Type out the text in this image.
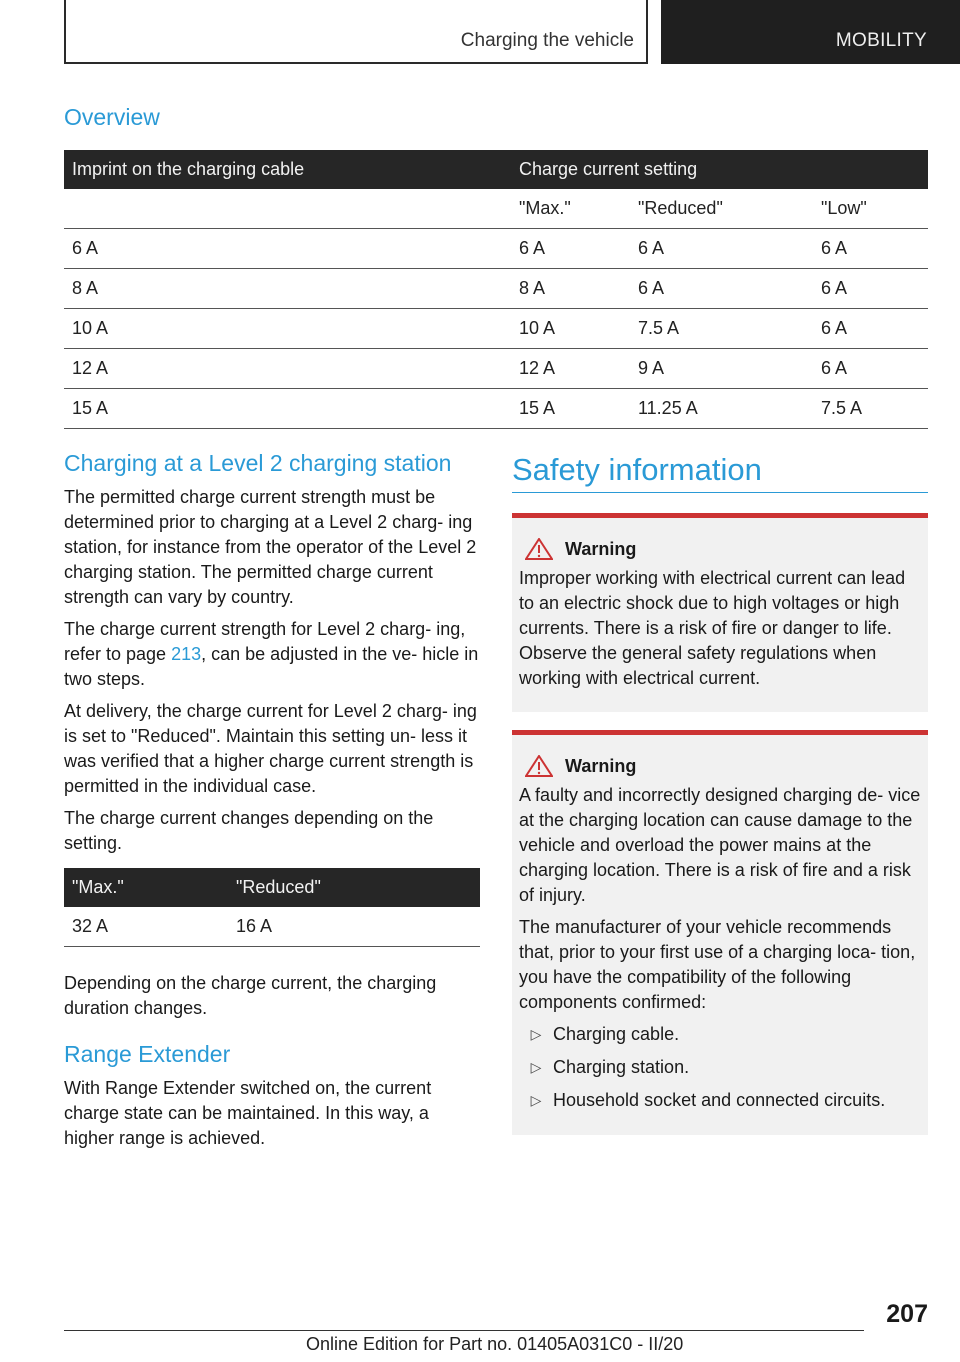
Charging the vehicle	MOBILITY
Overview
Imprint on the charging cable	Charge current setting		
	"Max."	"Reduced"	"Low"
6 A	6 A	6 A	6 A
8 A	8 A	6 A	6 A
10 A	10 A	7.5 A	6 A
12 A	12 A	9 A	6 A
15 A	15 A	11.25 A	7.5 A
Charging at a Level 2 charging station

The permitted charge current strength must be determined prior to charging at a Level 2 charg‐ ing station, for instance from the operator of the Level 2 charging station. The permitted charge current strength can vary by country.

The charge current strength for Level 2 charg‐ ing, refer to page 213, can be adjusted in the ve‐ hicle in two steps.

At delivery, the charge current for Level 2 charg‐ ing is set to "Reduced". Maintain this setting un‐ less it was verified that a higher charge current strength is permitted in the individual case.

The charge current changes depending on the setting.

"Max."	"Reduced"
32 A	16 A

Depending on the charge current, the charging duration changes.

Range Extender

With Range Extender switched on, the current charge state can be maintained. In this way, a higher range is achieved.

Safety information
Warning

Improper working with electrical current can lead to an electric shock due to high voltages or high currents. There is a risk of fire or danger to life. Observe the general safety regulations when working with electrical current.

Warning

A faulty and incorrectly designed charging de‐ vice at the charging location can cause damage to the vehicle and overload the power mains at the charging location. There is a risk of fire and a risk of injury.

The manufacturer of your vehicle recommends that, prior to your first use of a charging loca‐ tion, you have the compatibility of the following components confirmed:

▷ Charging cable.
▷ Charging station.
▷ Household socket and connected circuits.
207
Online Edition for Part no. 01405A031C0 - II/20
